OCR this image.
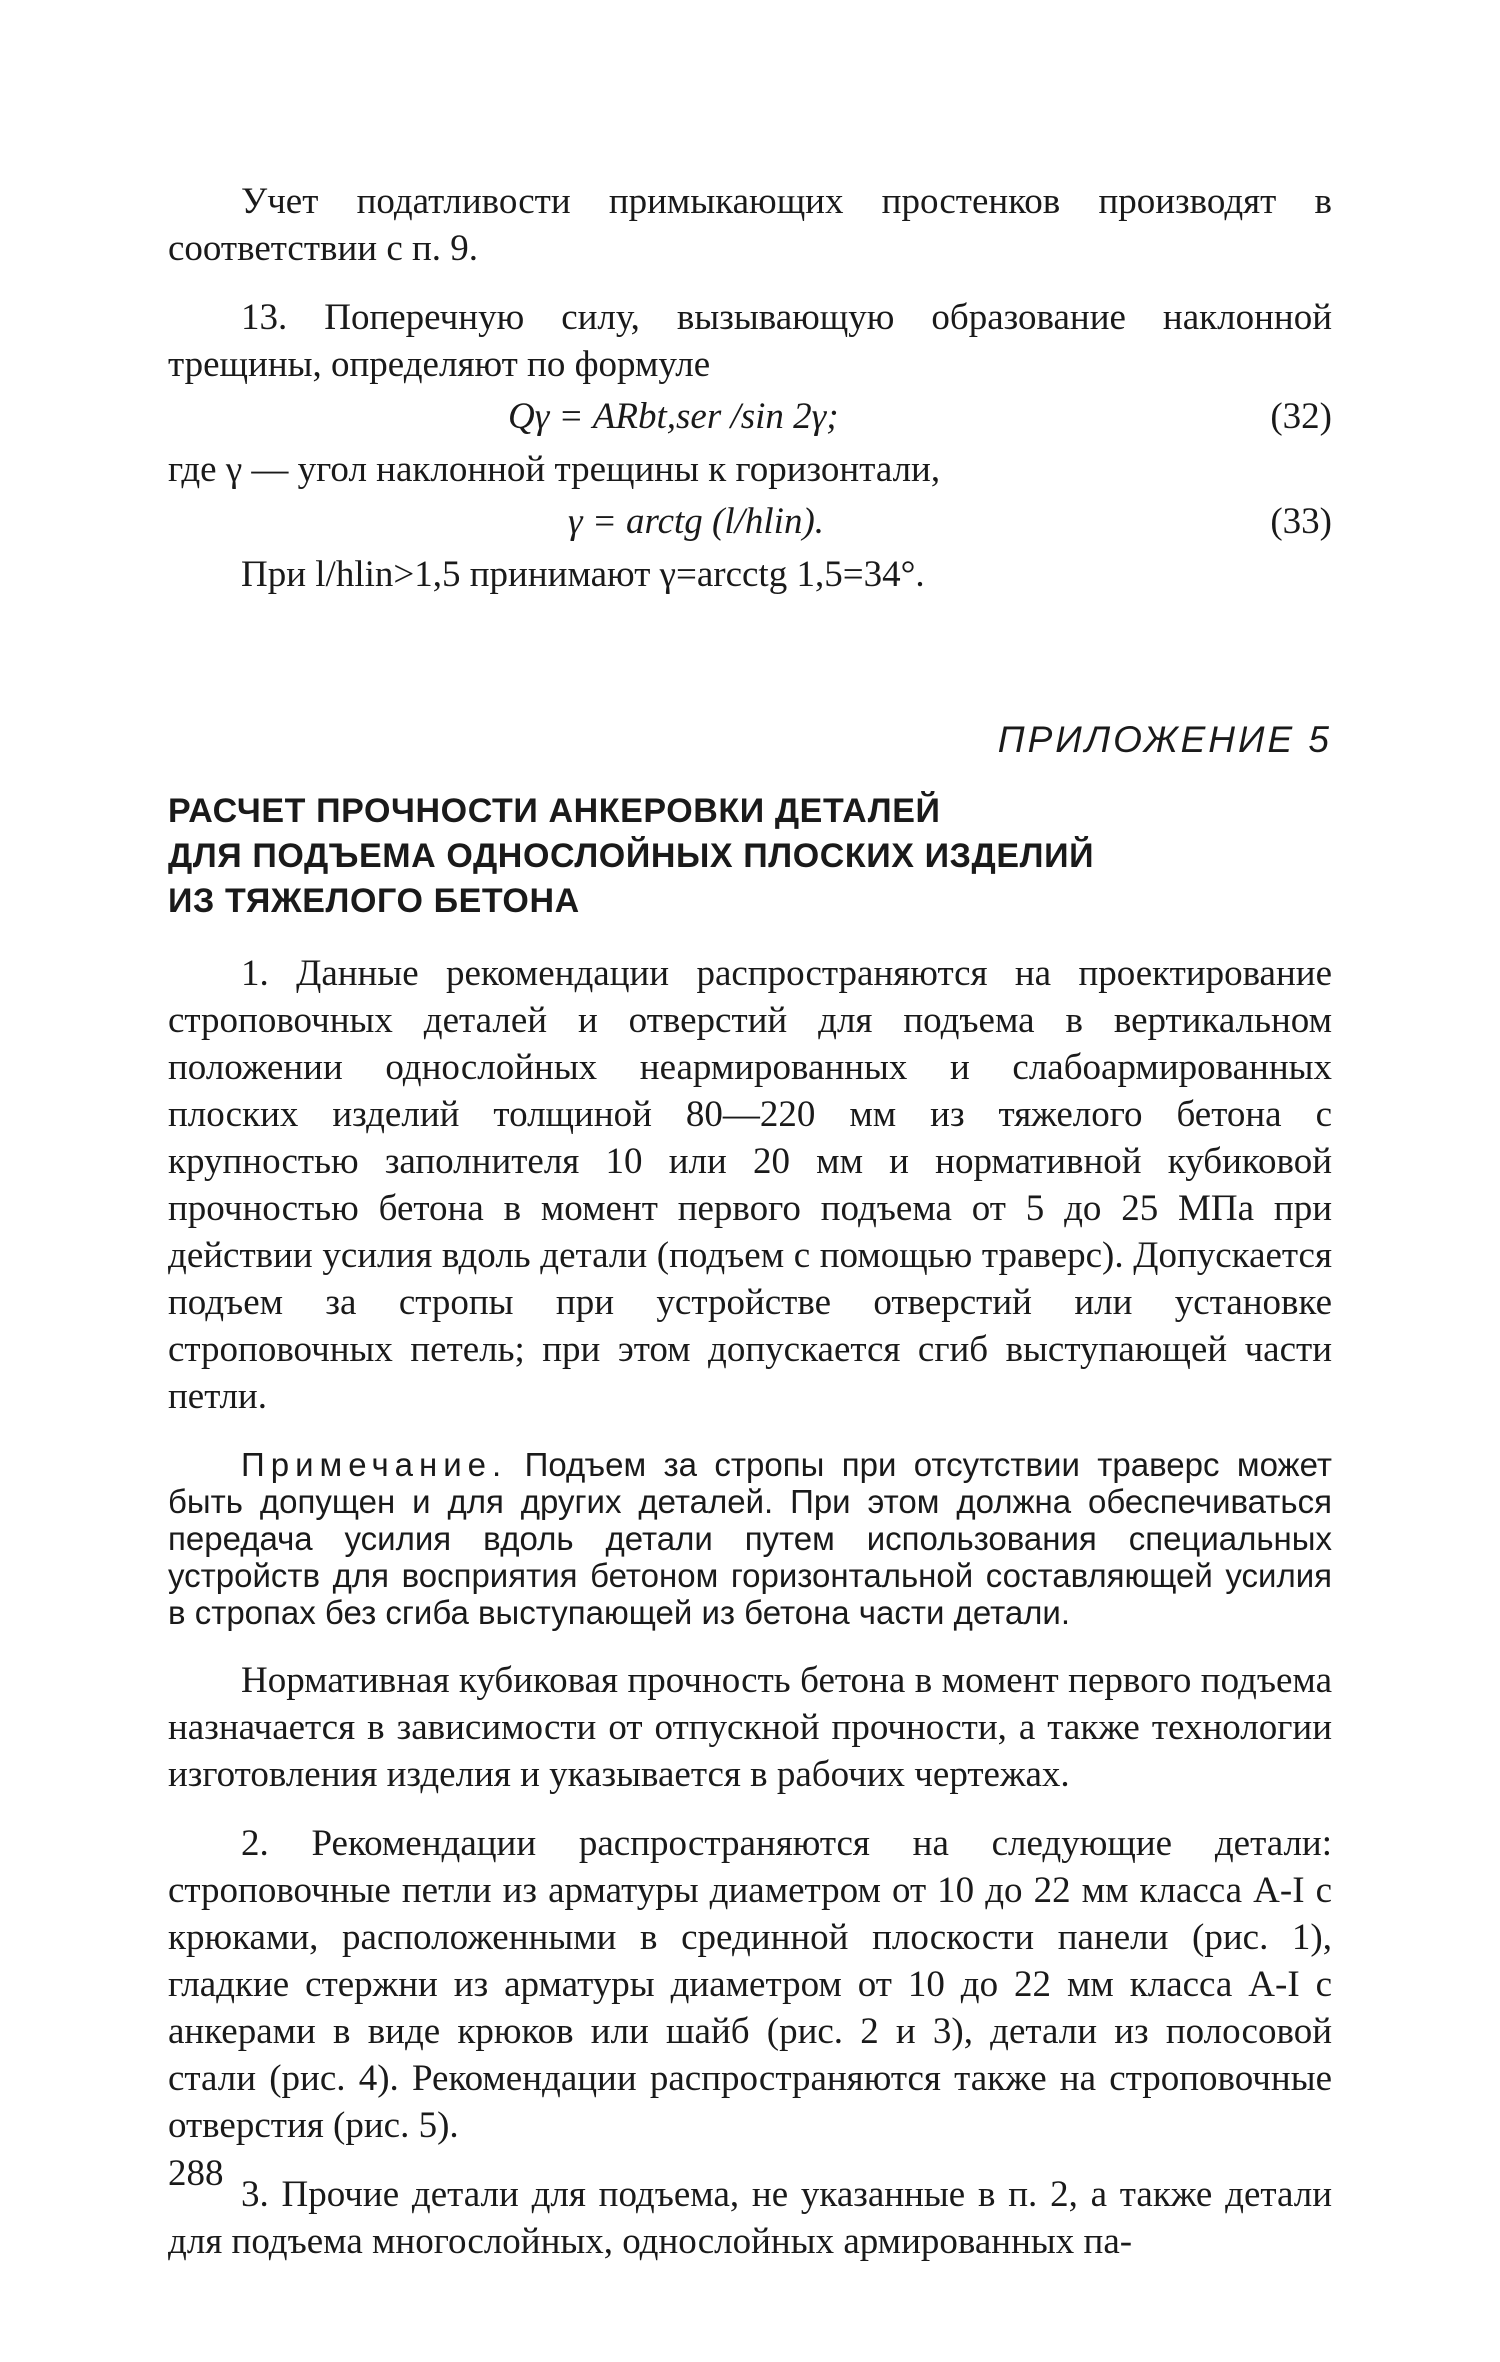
Учет податливости примыкающих простенков производят в соответствии с п. 9.

13. Поперечную силу, вызывающую образование наклонной трещины, определяют по формуле

Qγ = ARbt,ser /sin 2γ;	(32)

где γ — угол наклонной трещины к горизонтали,

γ = arctg (l/hlin).	(33)

При l/hlin>1,5 принимают γ=arcctg 1,5=34°.

ПРИЛОЖЕНИЕ 5
РАСЧЕТ ПРОЧНОСТИ АНКЕРОВКИ ДЕТАЛЕЙ
ДЛЯ ПОДЪЕМА ОДНОСЛОЙНЫХ ПЛОСКИХ ИЗДЕЛИЙ
ИЗ ТЯЖЕЛОГО БЕТОНА

1. Данные рекомендации распространяются на проектирование строповочных деталей и отверстий для подъема в вертикальном положении однослойных неармированных и слабоармированных плоских изделий толщиной 80—220 мм из тяжелого бетона с крупностью заполнителя 10 или 20 мм и нормативной кубиковой прочностью бетона в момент первого подъема от 5 до 25 МПа при действии усилия вдоль детали (подъем с помощью траверс). Допускается подъем за стропы при устройстве отверстий или установке строповочных петель; при этом допускается сгиб выступающей части петли.

Примечание. Подъем за стропы при отсутствии траверс может быть допущен и для других деталей. При этом должна обеспечиваться передача усилия вдоль детали путем использования специальных устройств для восприятия бетоном горизонтальной составляющей усилия в стропах без сгиба выступающей из бетона части детали.

Нормативная кубиковая прочность бетона в момент первого подъема назначается в зависимости от отпускной прочности, а также технологии изготовления изделия и указывается в рабочих чертежах.

2. Рекомендации распространяются на следующие детали: строповочные петли из арматуры диаметром от 10 до 22 мм класса A-I с крюками, расположенными в срединной плоскости панели (рис. 1), гладкие стержни из арматуры диаметром от 10 до 22 мм класса A-I с анкерами в виде крюков или шайб (рис. 2 и 3), детали из полосовой стали (рис. 4). Рекомендации распространяются также на строповочные отверстия (рис. 5).

3. Прочие детали для подъема, не указанные в п. 2, а также детали для подъема многослойных, однослойных армированных па-

288
